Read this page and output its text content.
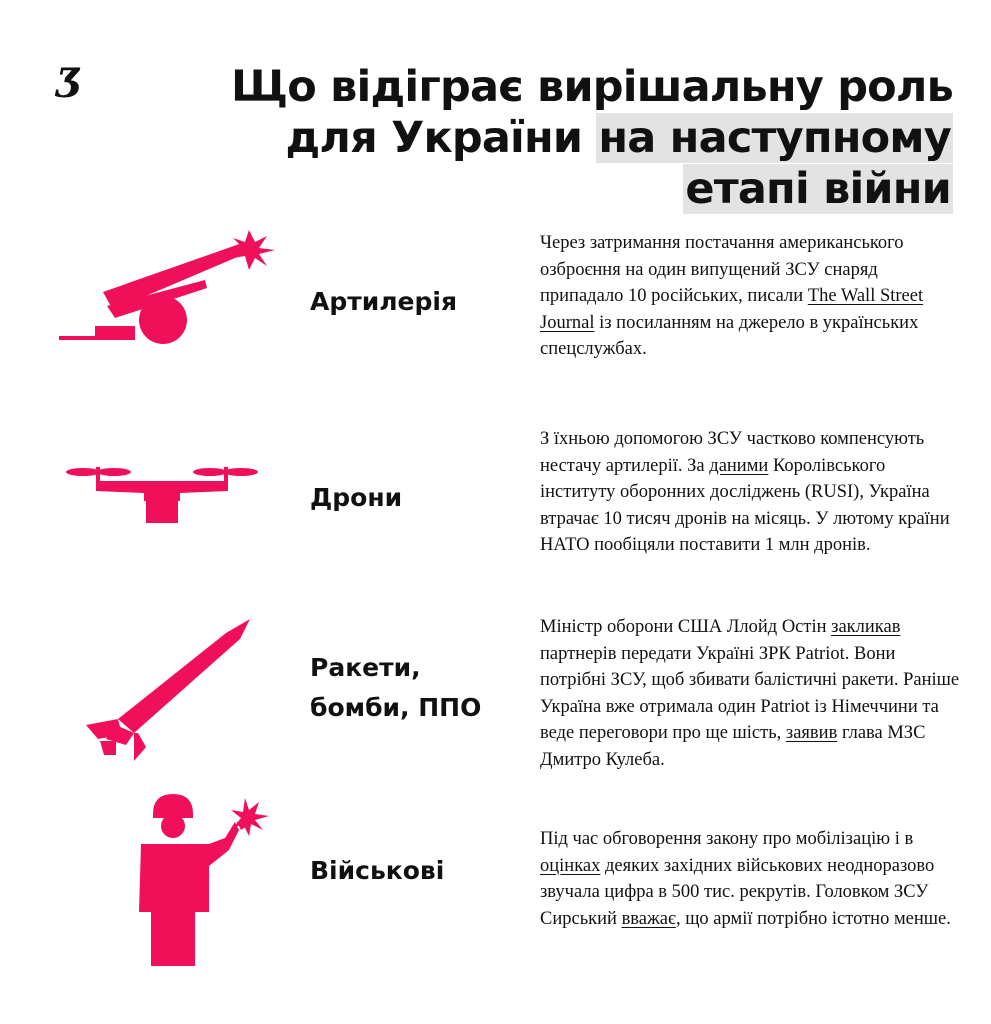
Ʒ	Що відіграє вирішальну роль
для України на наступному
етапі війни
Артилерія

Через затримання постачання американського озброєння на один випущений ЗСУ снаряд припадало 10 російських, писали The Wall Street Journal із посиланням на джерело в українських спецслужбах.

Дрони

З їхньою допомогою ЗСУ частково компенсують нестачу артилерії. За даними Королівського інституту оборонних досліджень (RUSI), Україна втрачає 10 тисяч дронів на місяць. У лютому країни НАТО пообіцяли поставити 1 млн дронів.

Ракети,
бомби, ППО

Міністр оборони США Ллойд Остін закликав партнерів передати Україні ЗРК Patriot. Вони потрібні ЗСУ, щоб збивати балістичні ракети. Раніше Україна вже отримала один Patriot із Німеччини та веде переговори про ще шість, заявив глава МЗС Дмитро Кулеба.

Військові

Під час обговорення закону про мобілізацію і в оцінках деяких західних військових неодноразово звучала цифра в 500 тис. рекрутів. Головком ЗСУ Сирський вважає, що армії потрібно істотно менше.
